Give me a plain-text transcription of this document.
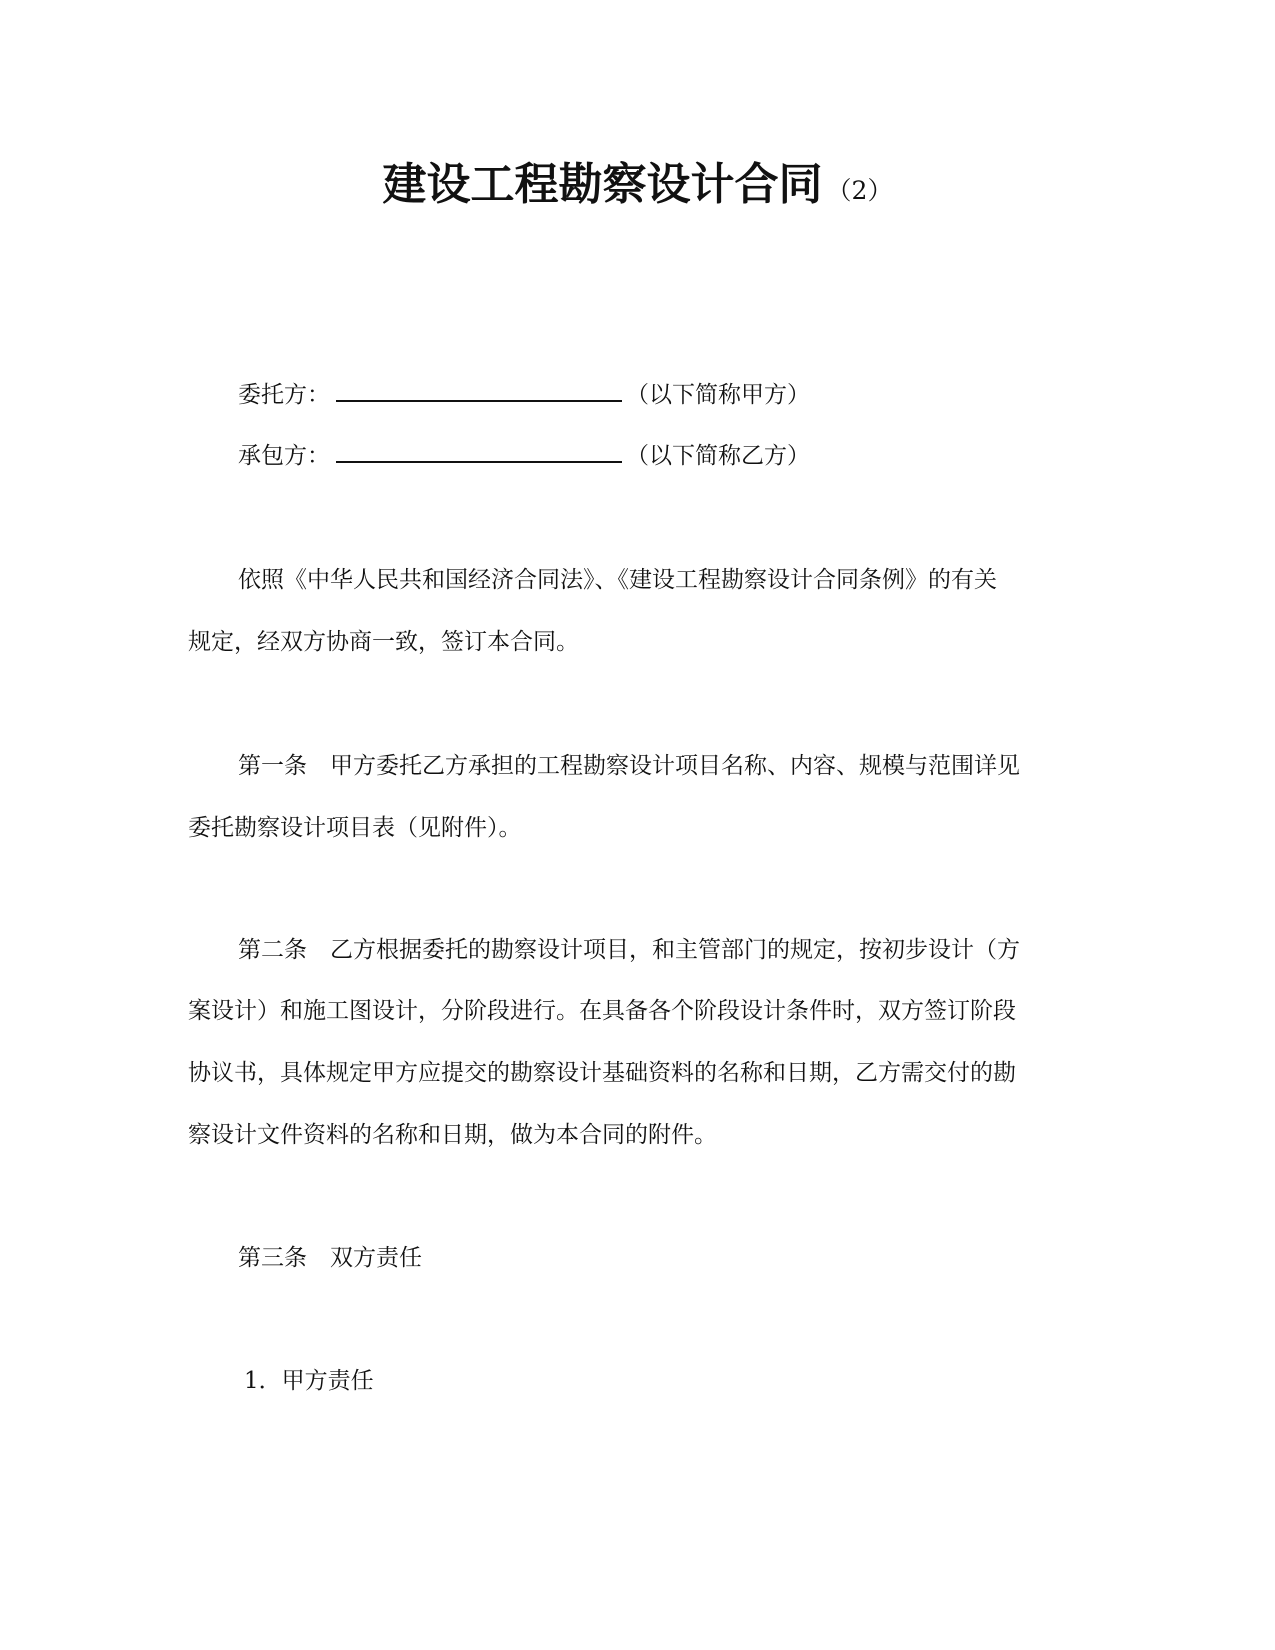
建设工程勘察设计合同 （2）
委托方：	（以下简称甲方）
承包方：	（以下简称乙方）
依照《中华人民共和国经济合同法》、《建设工程勘察设计合同条例》的有关
规定，经双方协商一致，签订本合同。
第一条　甲方委托乙方承担的工程勘察设计项目名称、内容、规模与范围详见
委托勘察设计项目表（见附件）。
第二条　乙方根据委托的勘察设计项目，和主管部门的规定，按初步设计（方
案设计）和施工图设计，分阶段进行。在具备各个阶段设计条件时，双方签订阶段
协议书，具体规定甲方应提交的勘察设计基础资料的名称和日期，乙方需交付的勘
察设计文件资料的名称和日期，做为本合同的附件。
第三条　双方责任
1．甲方责任
